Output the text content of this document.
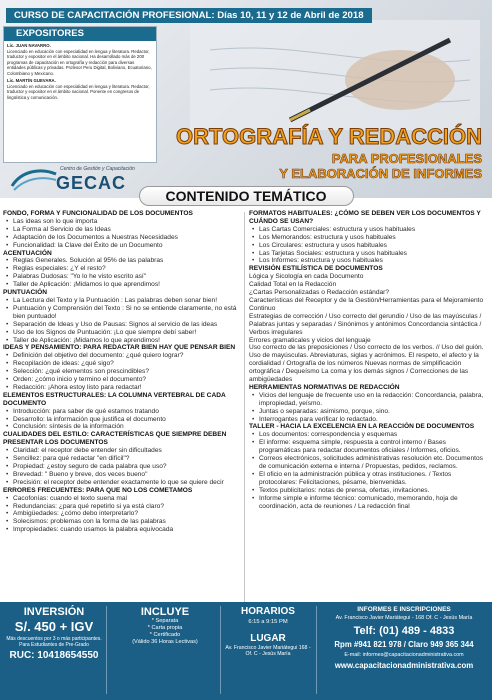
CURSO DE CAPACITACIÓN PROFESIONAL: Días 10, 11 y 12 de Abril de 2018
EXPOSITORES
Lic. JUAN NAVARRO.
Licenciado en educación con especialidad en lengua y literatura. Redactor, traductor y expositor en el ámbito nacional. Ha desarrollado más de 200 programas de capacitación en ortografía y redacción para diversas entidades públicas y privadas. Profesor Peru Digital, Boliviano, Ecuatoriano, Colombiano y Mexicano.
Lic. MARTÍN GUEVARA.
Licenciado en educación con especialidad en lengua y literatura. Redactor, traductor y expositor en el ámbito nacional. Ponente en congresos de lingüística y comunicación.
Centro de Gestión y Capacitación
GECAC
ORTOGRAFÍA Y REDACCIÓN
PARA PROFESIONALES
Y ELABORACIÓN DE INFORMES
CONTENIDO TEMÁTICO
FONDO, FORMA Y FUNCIONALIDAD DE LOS DOCUMENTOS
• Las ideas son lo que importa
• La Forma al Servicio de las Ideas
• Adaptación de los Documentos a Nuestras Necesidades
• Funcionalidad: la Clave del Éxito de un Documento
ACENTUACIÓN
• Reglas Generales. Solución al 95% de las palabras
• Reglas especiales: ¿Y el resto?
• Palabras Dudosas: "Yo lo he visto escrito así"
• Taller de Aplicación: ¡Midamos lo que aprendimos!
PUNTUACIÓN
• La Lectura del Texto y la Puntuación : Las palabras deben sonar bien!
• Puntuación y Comprensión del Texto : Si no se entiende claramente, no está bien puntuado!
• Separación de Ideas y Uso de Pausas: Signos al servicio de las ideas
• Uso de los Signos de Puntuación: ¡Lo que siempre debí saber!
• Taller de Aplicación: ¡Midamos lo que aprendimos!
IDEAS Y PENSAMIENTO: PARA REDACTAR BIEN HAY QUE PENSAR BIEN
• Definición del objetivo del documento: ¿qué quiero lograr?
• Recopilación de ideas: ¿qué sigo?
• Selección: ¿qué elementos son prescindibles?
• Orden: ¿cómo inicio y termino el documento?
• Redacción: ¡Ahora estoy listo para redactar!
ELEMENTOS ESTRUCTURALES: LA COLUMNA VERTEBRAL DE CADA DOCUMENTO
• Introducción: para saber de qué estamos tratando
• Desarrollo: la información que justifica el documento
• Conclusión: síntesis de la información
CUALIDADES DEL ESTILO: CARACTERÍSTICAS QUE SIEMPRE DEBEN PRESENTAR LOS DOCUMENTOS
• Claridad: el receptor debe entender sin dificultades
• Sencillez: para qué redactar "en difícil"?
• Propiedad: ¿estoy seguro de cada palabra que uso?
• Brevedad: " Bueno y breve, dos veces bueno"
• Precisión: el receptor debe entender exactamente lo que se quiere decir
ERRORES FRECUENTES: PARA QUE NO LOS COMETAMOS
• Cacofonías: cuando el texto suena mal
• Redundancias: ¿para qué repetirlo si ya está claro?
• Ambigüedades: ¿cómo debo interpretarlo?
• Solecismos: problemas con la forma de las palabras
• Impropiedades: cuando usamos la palabra equivocada
FORMATOS HABITUALES: ¿CÓMO SE DEBEN VER LOS DOCUMENTOS Y CUÁNDO SE USAN?
• Las Cartas Comerciales: estructura y usos habituales
• Los Memorandos: estructura y usos habituales
• Los Circulares: estructura y usos habituales
• Las Tarjetas Sociales: estructura y usos habituales
• Los Informes: estructura y usos habituales
REVISIÓN ESTILÍSTICA DE DOCUMENTOS
Lógica y Sicología en cada Documento
Calidad Total en la Redacción
¿Cartas Personalizadas o Redacción estándar?
Características del Receptor y de la Gestión/Herramientas para el Mejoramiento Continuo
Estrategias de corrección / Uso correcto del gerundio / Uso de las mayúsculas / Palabras juntas y separadas / Sinónimos y antónimos Concordancia sintáctica / Verbos irregulares
Errores gramaticales y vicios del lenguaje
Uso correcto de las preposiciones / Uso correcto de los verbos. // Uso del guión. Uso de mayúsculas. Abreviaturas, siglas y acrónimos. El respeto, el afecto y la cordialidad / Ortografía de los números Nuevas normas de simplificación ortográfica / Dequeísmo La coma y los demás signos / Correcciones de las ambigüedades
HERRAMIENTAS NORMATIVAS DE REDACCIÓN
• Vicios del lenguaje de frecuente uso en la redacción: Concordancia, palabra, impropiedad, yeísmo.
• Juntas o separadas: asimismo, porque, sino.
• Interrogantes para verificar lo redactado.
TALLER - HACIA LA EXCELENCIA EN LA REACCIÓN DE DOCUMENTOS
• Los documentos: correspondencia y esquemas
• El informe: esquema simple, respuesta a control interno / Bases programáticas para redactar documentos oficiales / Informes, oficios.
• Correos electrónicos, solicitudes administrativas resolución etc. Documentos de comunicación externa e interna / Propuestas, pedidos, reclamos.
• El oficio en la administración pública y otras instituciones. / Textos protocolares: Felicitaciones, pésame, bienvenidas.
• Textos publicitarios: notas de prensa, ofertas, invitaciones.
• Informe simple e informe técnico: comunicado, memorando, hoja de coordinación, acta de reuniones / La redacción final
INVERSIÓN
S/. 450 + IGV
Más descuentos por 3 o más participantes. Para Estudiantes de Pre-Grado
RUC: 10418654550
INCLUYE
* Separata
* Carta propia
* Certificado
(Válido 36 Horas Lectivas)
HORARIOS
6:15 a 9:15 PM
LUGAR
Av. Francisco Javier Mariátegui 168 - Of. C - Jesús María
INFORMES E INSCRIPCIONES
Av. Francisco Javier Mariátegui - 168 Of. C - Jesús María
Telf: (01) 489 - 4833
Rpm #941 821 978 / Claro 949 365 344
E-mail: informes@capacitacionadministrativa.com
www.capacitacionadministrativa.com
